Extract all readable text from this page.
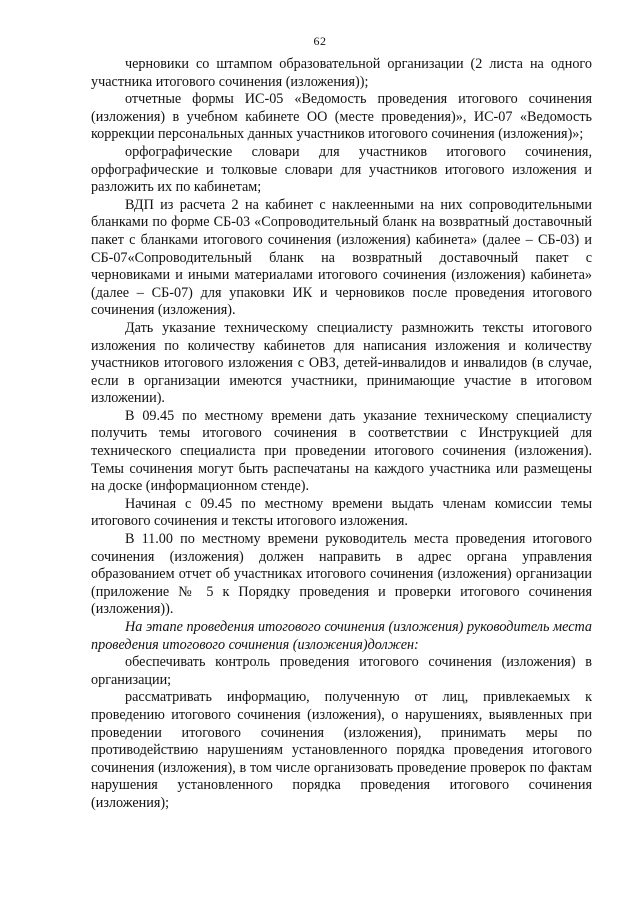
62

черновики со штампом образовательной организации (2 листа на одного участника итогового сочинения (изложения));

отчетные формы ИС-05 «Ведомость проведения итогового сочинения (изложения) в учебном кабинете ОО (месте проведения)», ИС-07 «Ведомость коррекции персональных данных участников итогового сочинения (изложения)»;

орфографические словари для участников итогового сочинения, орфографические и толковые словари для участников итогового изложения и разложить их по кабинетам;

ВДП из расчета 2 на кабинет с наклеенными на них сопроводительными бланками по форме СБ-03 «Сопроводительный бланк на возвратный доставочный пакет с бланками итогового сочинения (изложения) кабинета» (далее – СБ-03) и СБ-07«Сопроводительный бланк на возвратный доставочный пакет с черновиками и иными материалами итогового сочинения (изложения) кабинета» (далее – СБ-07) для упаковки ИК и черновиков после проведения итогового сочинения (изложения).

Дать указание техническому специалисту размножить тексты итогового изложения по количеству кабинетов для написания изложения и количеству участников итогового изложения с ОВЗ, детей-инвалидов и инвалидов (в случае, если в организации имеются участники, принимающие участие в итоговом изложении).

В 09.45 по местному времени дать указание техническому специалисту получить темы итогового сочинения в соответствии с Инструкцией для технического специалиста при проведении итогового сочинения (изложения). Темы сочинения могут быть распечатаны на каждого участника или размещены на доске (информационном стенде).

Начиная с 09.45 по местному времени выдать членам комиссии темы итогового сочинения и тексты итогового изложения.

В 11.00 по местному времени руководитель места проведения итогового сочинения (изложения) должен направить в адрес органа управления образованием отчет об участниках итогового сочинения (изложения) организации (приложение № 5 к Порядку проведения и проверки итогового сочинения (изложения)).

На этапе проведения итогового сочинения (изложения) руководитель места проведения итогового сочинения (изложения)должен:

обеспечивать контроль проведения итогового сочинения (изложения) в организации;

рассматривать информацию, полученную от лиц, привлекаемых к проведению итогового сочинения (изложения), о нарушениях, выявленных при проведении итогового сочинения (изложения), принимать меры по противодействию нарушениям установленного порядка проведения итогового сочинения (изложения), в том числе организовать проведение проверок по фактам нарушения установленного порядка проведения итогового сочинения (изложения);
